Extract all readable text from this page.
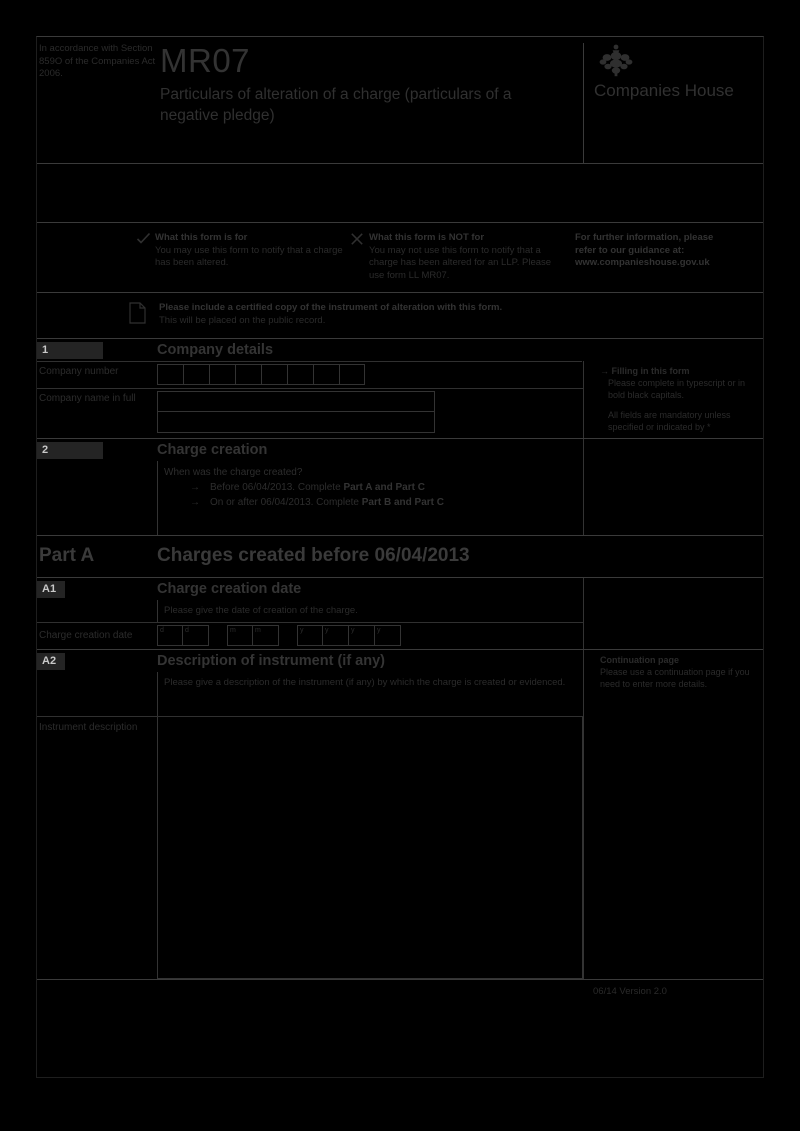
In accordance with Section 859O of the Companies Act 2006.	MR07
Particulars of alteration of a charge (particulars of a negative pledge)
Companies House
What this form is for
You may use this form to notify that a charge has been altered.
What this form is NOT for
You may not use this form to notify that a charge has been altered for an LLP. Please use form LL MR07.
For further information, please
refer to our guidance at:
www.companieshouse.gov.uk
Please include a certified copy of the instrument of alteration with this form.
This will be placed on the public record.
1	Company details
Company number
Company name in full
→ Filling in this form
Please complete in typescript or in bold black capitals.
All fields are mandatory unless specified or indicated by *
2	Charge creation
When was the charge created?
→	Before 06/04/2013. Complete Part A and Part C
→	On or after 06/04/2013. Complete Part B and Part C
Part A	Charges created before 06/04/2013
A1	Charge creation date
Please give the date of creation of the charge.
Charge creation date	d	d	m	m	y	y	y	y
A2	Description of instrument (if any)
Please give a description of the instrument (if any) by which the charge is created or evidenced.
Instrument description
Continuation page
Please use a continuation page if you need to enter more details.
06/14 Version 2.0
